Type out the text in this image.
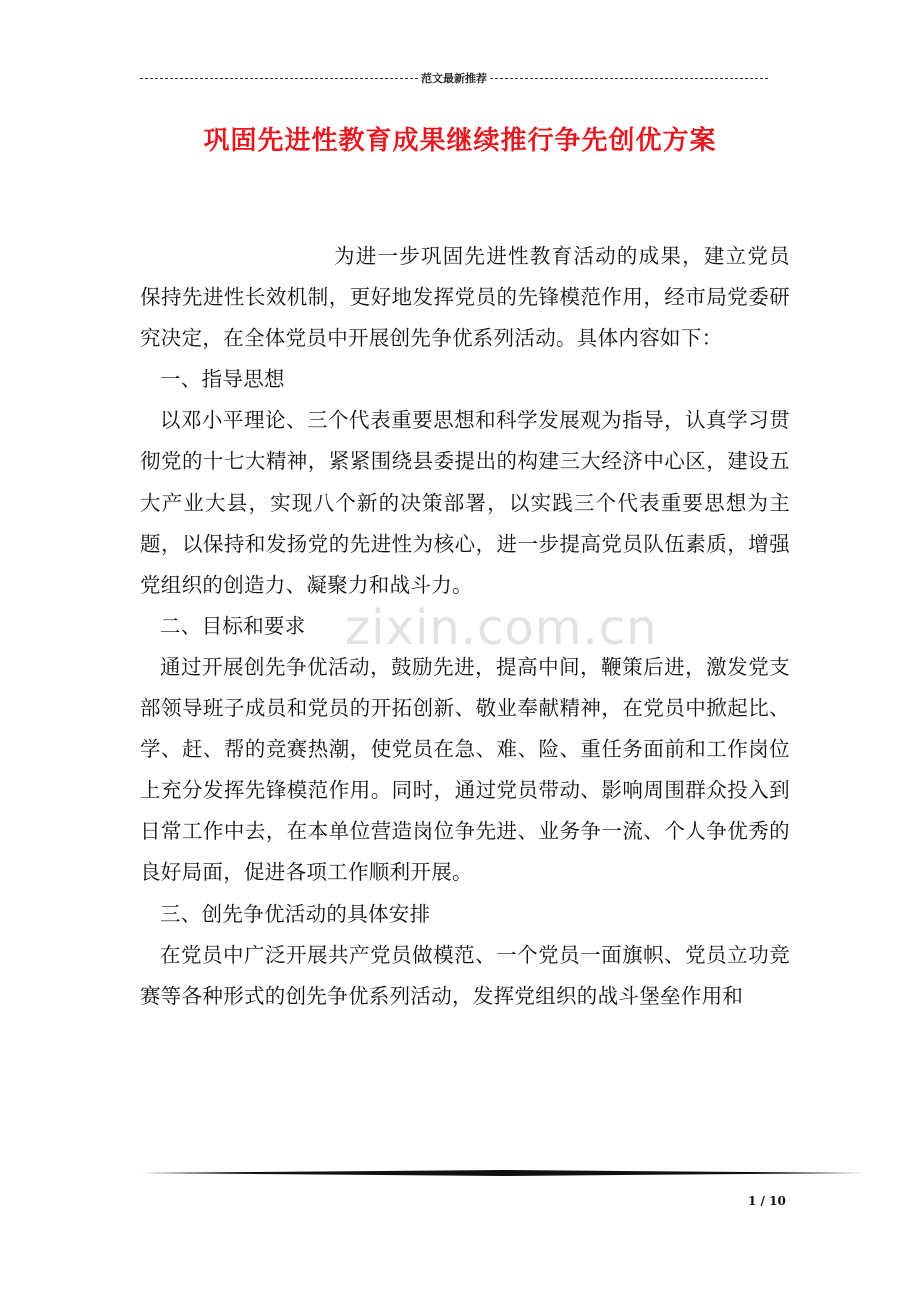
范文最新推荐
巩固先进性教育成果继续推行争先创优方案

为进一步巩固先进性教育活动的成果，建立党员保持先进性长效机制，更好地发挥党员的先锋模范作用，经市局党委研究决定，在全体党员中开展创先争优系列活动。具体内容如下：

一、指导思想

以邓小平理论、三个代表重要思想和科学发展观为指导，认真学习贯彻党的十七大精神，紧紧围绕县委提出的构建三大经济中心区，建设五大产业大县，实现八个新的决策部署，以实践三个代表重要思想为主题，以保持和发扬党的先进性为核心，进一步提高党员队伍素质，增强党组织的创造力、凝聚力和战斗力。

二、目标和要求

通过开展创先争优活动，鼓励先进，提高中间，鞭策后进，激发党支部领导班子成员和党员的开拓创新、敬业奉献精神，在党员中掀起比、学、赶、帮的竞赛热潮，使党员在急、难、险、重任务面前和工作岗位上充分发挥先锋模范作用。同时，通过党员带动、影响周围群众投入到日常工作中去，在本单位营造岗位争先进、业务争一流、个人争优秀的良好局面，促进各项工作顺利开展。

三、创先争优活动的具体安排

在党员中广泛开展共产党员做模范、一个党员一面旗帜、党员立功竞赛等各种形式的创先争优系列活动，发挥党组织的战斗堡垒作用和

zixin.com.cn
1 / 10
